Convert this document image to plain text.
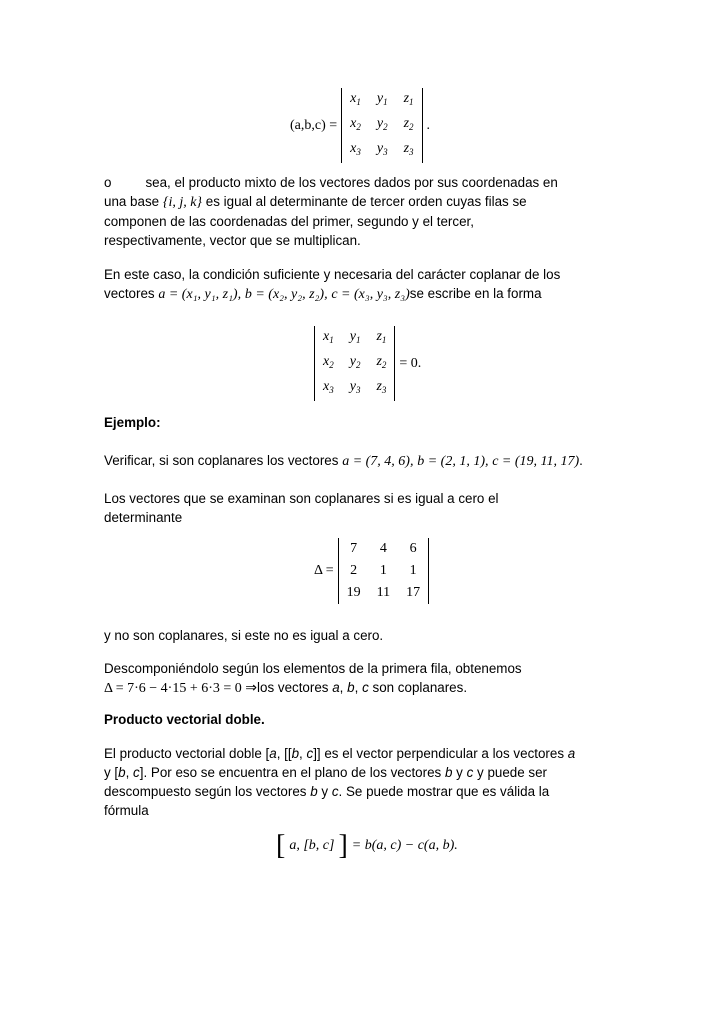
(a,b,c) =
$x_1$	$y_1$	$z_1$
$x_2$	$y_2$	$z_2$
$x_3$	$y_3$	$z_3$
.
o	sea, el producto mixto de los vectores dados por sus coordenadas en
una base {i, j, k} es igual al determinante de tercer orden cuyas filas se
componen de las coordenadas del primer, segundo y el tercer,
respectivamente, vector que se multiplican.
En este caso, la condición suficiente y necesaria del carácter coplanar de los
vectores a = (x₁, y₁, z₁), b = (x₂, y₂, z₂), c = (x₃, y₃, z₃)se escribe en la forma
$x_1$	$y_1$	$z_1$
$x_2$	$y_2$	$z_2$
$x_3$	$y_3$	$z_3$
= 0.
Ejemplo:
Verificar, si son coplanares los vectores a = (7, 4, 6), b = (2, 1, 1), c = (19, 11, 17).
Los vectores que se examinan son coplanares si es igual a cero el
determinante
Δ =
7	4	6
2	1	1
19	11	17
y no son coplanares, si este no es igual a cero.
Descomponiéndolo según los elementos de la primera fila, obtenemos
Δ = 7·6 − 4·15 + 6·3 = 0 ⇒los vectores a, b, c son coplanares.
Producto vectorial doble.
El producto vectorial doble [a, [[b, c]] es el vector perpendicular a los vectores a
y [b, c]. Por eso se encuentra en el plano de los vectores b y c y puede ser
descompuesto según los vectores b y c. Se puede mostrar que es válida la
fórmula
[ a, [b, c] ] = b(a, c) − c(a, b).
